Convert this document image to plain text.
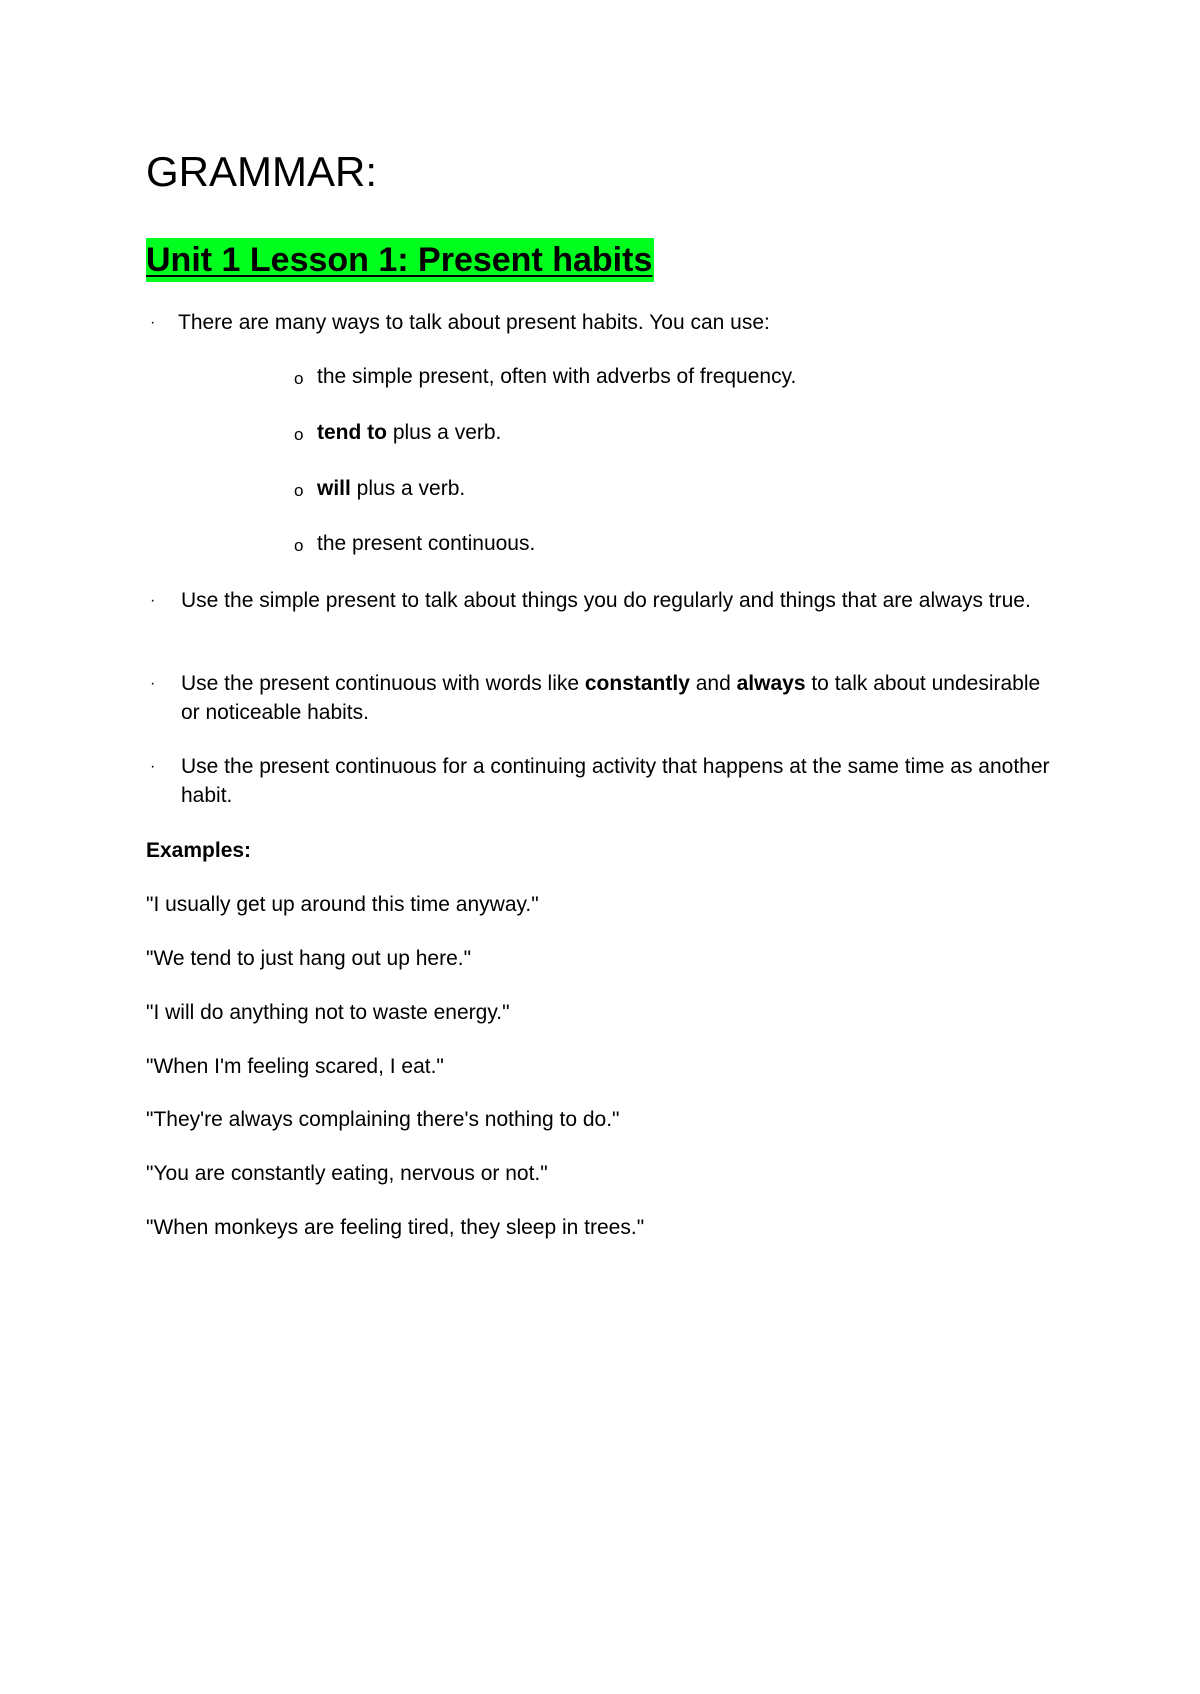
GRAMMAR:
Unit 1 Lesson 1: Present habits
· There are many ways to talk about present habits. You can use:
o the simple present, often with adverbs of frequency.
o tend to plus a verb.
o will plus a verb.
o the present continuous.
· Use the simple present to talk about things you do regularly and things that are always true.
· Use the present continuous with words like constantly and always to talk about undesirable or noticeable habits.
· Use the present continuous for a continuing activity that happens at the same time as another habit.
Examples:
"I usually get up around this time anyway."
"We tend to just hang out up here."
"I will do anything not to waste energy."
"When I'm feeling scared, I eat."
"They're always complaining there's nothing to do."
"You are constantly eating, nervous or not."
"When monkeys are feeling tired, they sleep in trees."
